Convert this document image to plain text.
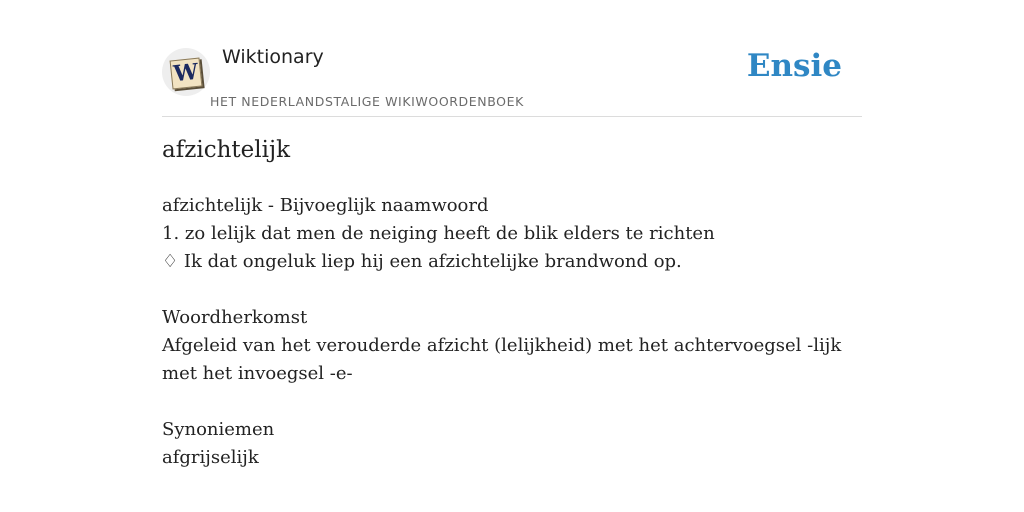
W
Wiktionary
HET NEDERLANDSTALIGE WIKIWOORDENBOEK
Ensie
afzichtelijk

afzichtelijk - Bijvoeglijk naamwoord

1. zo lelijk dat men de neiging heeft de blik elders te richten

♢ Ik dat ongeluk liep hij een afzichtelijke brandwond op.

Woordherkomst

Afgeleid van het verouderde afzicht (lelijkheid) met het achtervoegsel -lijk met het invoegsel -e-

Synoniemen

afgrijselijk
